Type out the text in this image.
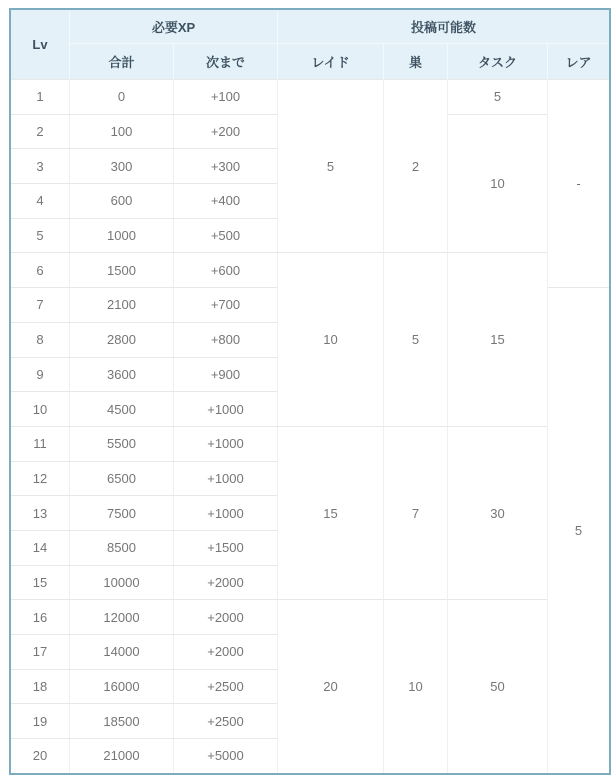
Lv	必要XP		投稿可能数			
	合計	次まで	レイド	巣	タスク	レア
1	0	+100	5	2	5	-
2	100	+200			10	
3	300	+300				
4	600	+400				
5	1000	+500				
6	1500	+600	10	5	15	
7	2100	+700				5
8	2800	+800				
9	3600	+900				
10	4500	+1000				
11	5500	+1000	15	7	30	
12	6500	+1000				
13	7500	+1000				
14	8500	+1500				
15	10000	+2000				
16	12000	+2000	20	10	50	
17	14000	+2000				
18	16000	+2500				
19	18500	+2500				
20	21000	+5000				
